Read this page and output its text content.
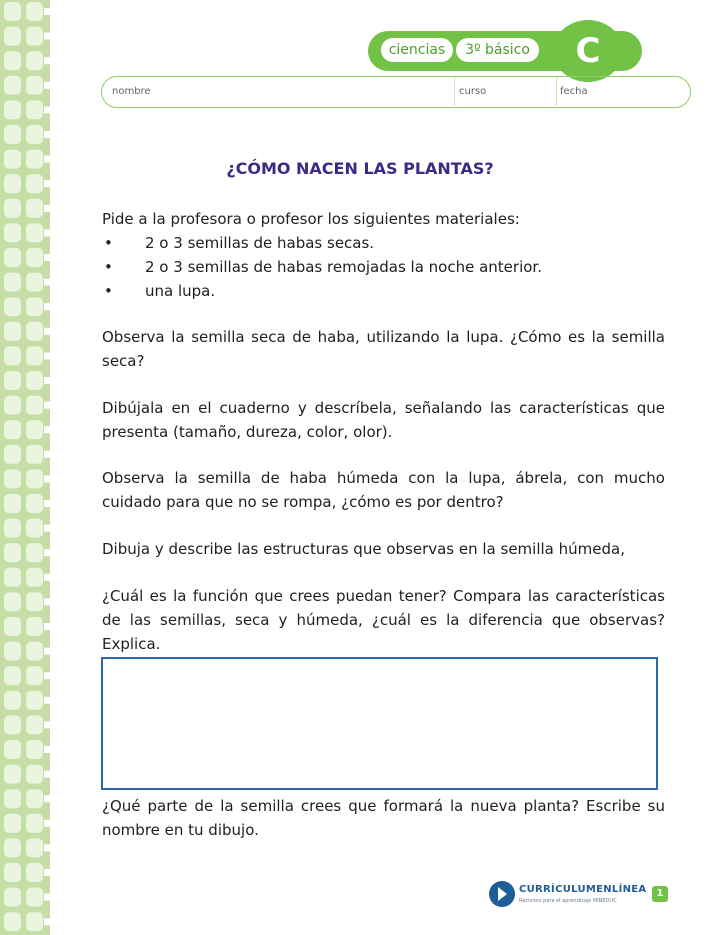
ciencias	3º básico	C
nombre	curso	fecha
¿CÓMO NACEN LAS PLANTAS?

Pide a la profesora o profesor los siguientes materiales:

• 2 o 3 semillas de habas secas.
• 2 o 3 semillas de habas remojadas la noche anterior.
• una lupa.

Observa la semilla seca de haba, utilizando la lupa. ¿Cómo es la semilla seca?

Dibújala en el cuaderno y descríbela, señalando las características que presenta (tamaño, dureza, color, olor).

Observa la semilla de haba húmeda con la lupa, ábrela, con mucho cuidado para que no se rompa, ¿cómo es por dentro?

Dibuja y describe las estructuras que observas en la semilla húmeda,

¿Cuál es la función que crees puedan tener? Compara las características de las semillas, seca y húmeda, ¿cuál es la diferencia que observas? Explica.

¿Qué parte de la semilla crees que formará la nueva planta? Escribe su nombre en tu dibujo.

CURRÍCULUMENLÍNEA
Recursos para el aprendizaje MINEDUC
1
